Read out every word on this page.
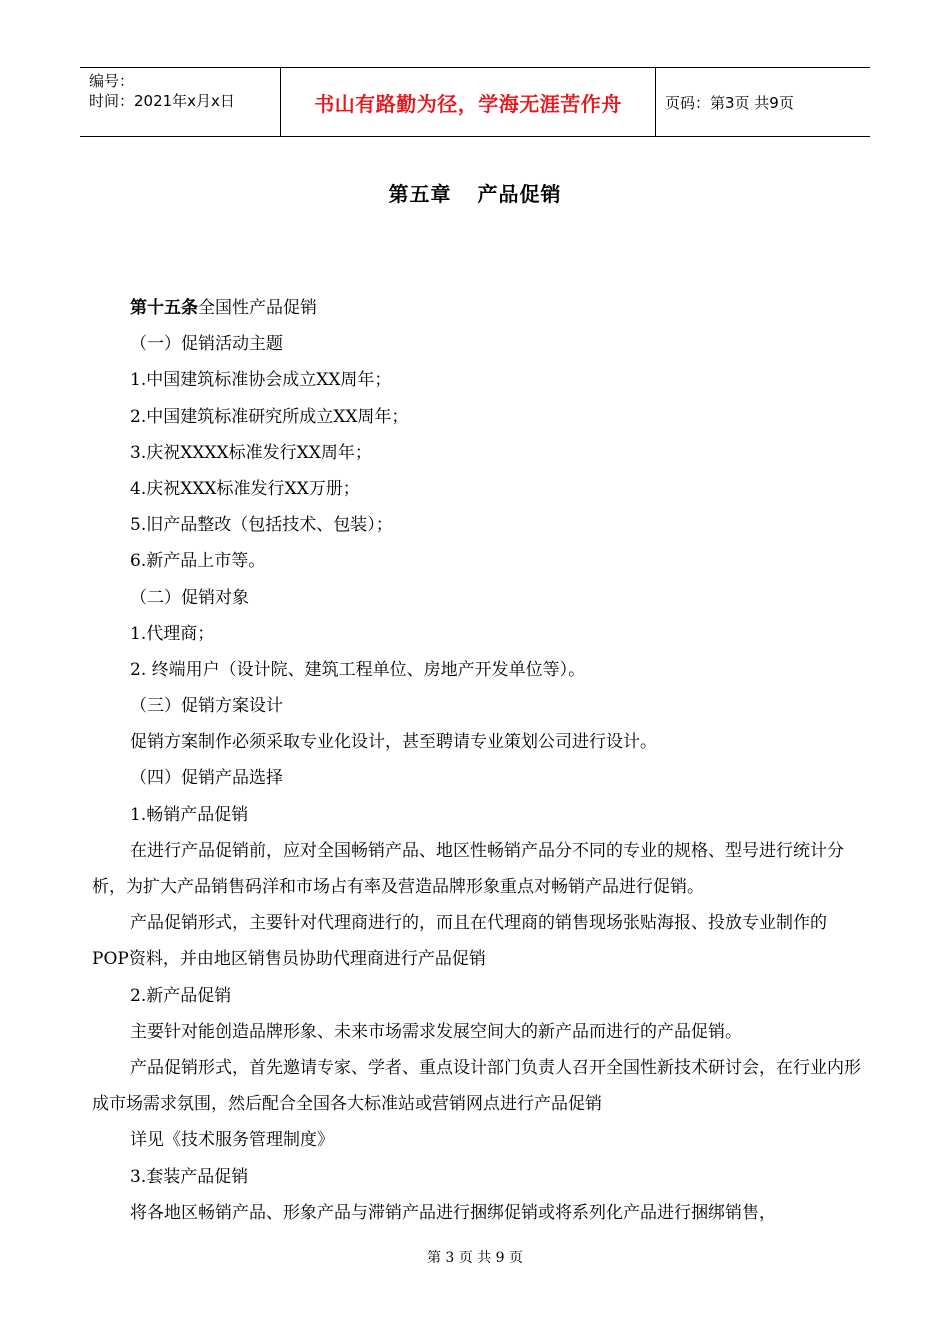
编号：
时间：2021年x月x日	书山有路勤为径，学海无涯苦作舟	页码：第3页 共9页
第五章 产品促销
第十五条全国性产品促销
（一）促销活动主题
1.中国建筑标准协会成立XX周年；
2.中国建筑标准研究所成立XX周年；
3.庆祝XXXX标准发行XX周年；
4.庆祝XXX标准发行XX万册；
5.旧产品整改（包括技术、包装）；
6.新产品上市等。
（二）促销对象
1.代理商；
2. 终端用户（设计院、建筑工程单位、房地产开发单位等）。
（三）促销方案设计
促销方案制作必须采取专业化设计，甚至聘请专业策划公司进行设计。
（四）促销产品选择
1.畅销产品促销
在进行产品促销前，应对全国畅销产品、地区性畅销产品分不同的专业的规格、型号进行统计分析，为扩大产品销售码洋和市场占有率及营造品牌形象重点对畅销产品进行促销。
产品促销形式，主要针对代理商进行的，而且在代理商的销售现场张贴海报、投放专业制作的POP资料，并由地区销售员协助代理商进行产品促销
2.新产品促销
主要针对能创造品牌形象、未来市场需求发展空间大的新产品而进行的产品促销。
产品促销形式，首先邀请专家、学者、重点设计部门负责人召开全国性新技术研讨会，在行业内形成市场需求氛围，然后配合全国各大标准站或营销网点进行产品促销
详见《技术服务管理制度》
3.套装产品促销
将各地区畅销产品、形象产品与滞销产品进行捆绑促销或将系列化产品进行捆绑销售，
第 3 页 共 9 页
